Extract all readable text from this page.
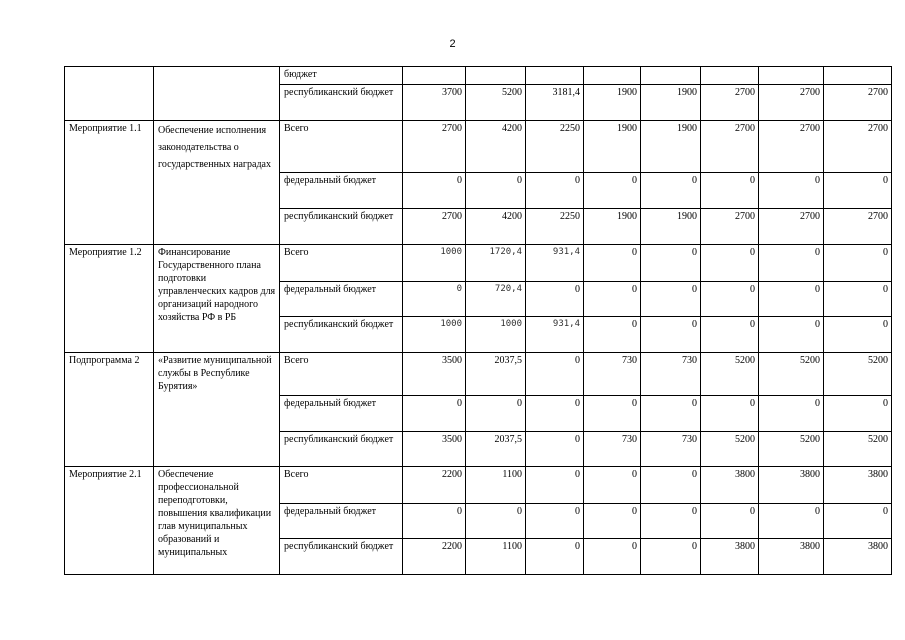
2
		бюджет								
		республиканский бюджет	3700	5200	3181,4	1900	1900	2700	2700	2700
Мероприятие 1.1	Обеспечение исполнения законодательства о государственных наградах	Всего	2700	4200	2250	1900	1900	2700	2700	2700
		федеральный бюджет	0	0	0	0	0	0	0	0
		республиканский бюджет	2700	4200	2250	1900	1900	2700	2700	2700
Мероприятие 1.2	Финансирование Государственного плана подготовки управленческих кадров для организаций народного хозяйства РФ в РБ	Всего	1000	1720,4	931,4	0	0	0	0	0
		федеральный бюджет	0	720,4	0	0	0	0	0	0
		республиканский бюджет	1000	1000	931,4	0	0	0	0	0
Подпрограмма 2	«Развитие муниципальной службы в Республике Бурятия»	Всего	3500	2037,5	0	730	730	5200	5200	5200
		федеральный бюджет	0	0	0	0	0	0	0	0
		республиканский бюджет	3500	2037,5	0	730	730	5200	5200	5200
Мероприятие 2.1	Обеспечение профессиональной переподготовки, повышения квалификации глав муниципальных образований и муниципальных	Всего	2200	1100	0	0	0	3800	3800	3800
		федеральный бюджет	0	0	0	0	0	0	0	0
		республиканский бюджет	2200	1100	0	0	0	3800	3800	3800
